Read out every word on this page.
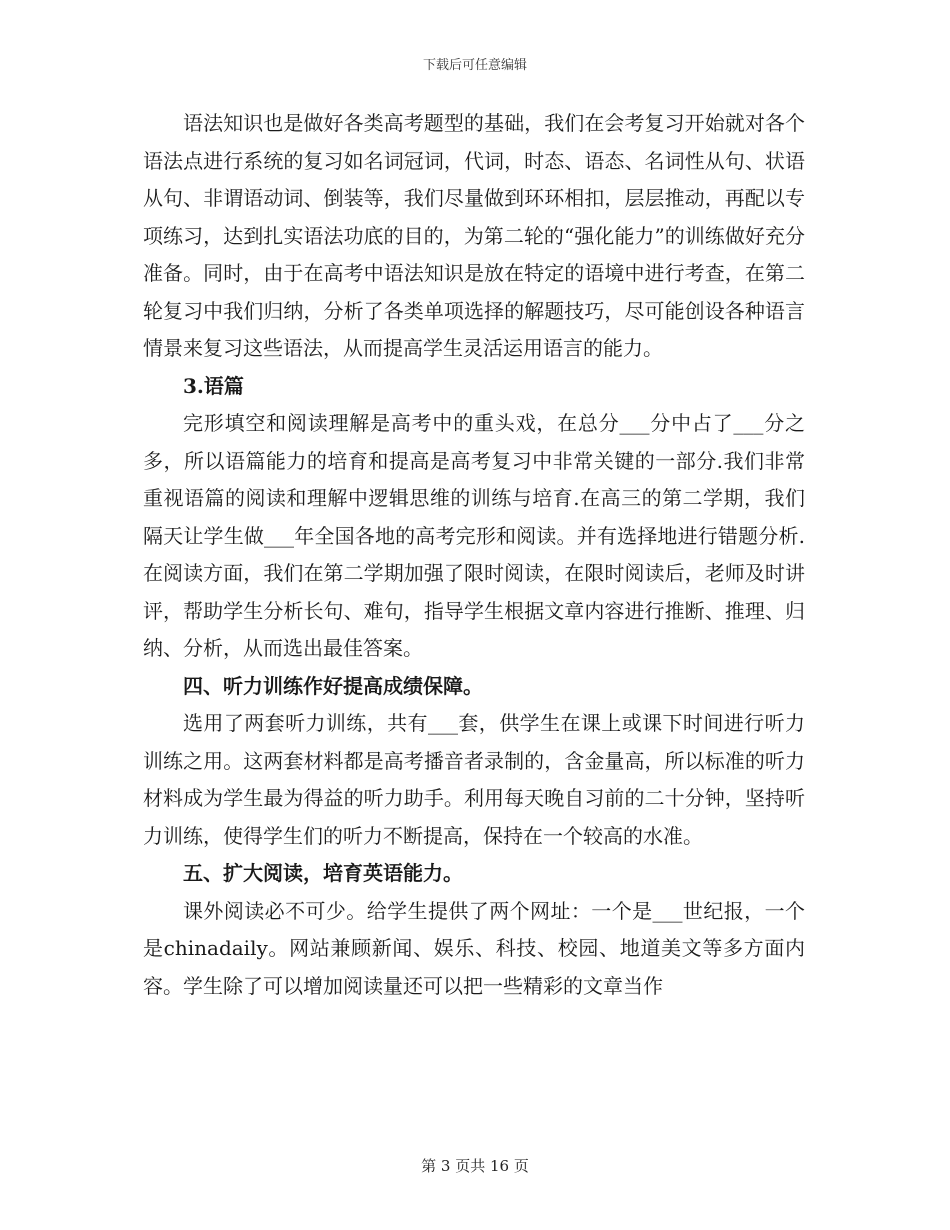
下载后可任意编辑

语法知识也是做好各类高考题型的基础，我们在会考复习开始就对各个语法点进行系统的复习如名词冠词，代词，时态、语态、名词性从句、状语从句、非谓语动词、倒装等，我们尽量做到环环相扣，层层推动，再配以专项练习，达到扎实语法功底的目的，为第二轮的“强化能力”的训练做好充分准备。同时，由于在高考中语法知识是放在特定的语境中进行考查，在第二轮复习中我们归纳，分析了各类单项选择的解题技巧，尽可能创设各种语言情景来复习这些语法，从而提高学生灵活运用语言的能力。

3.语篇

完形填空和阅读理解是高考中的重头戏，在总分___分中占了___分之多，所以语篇能力的培育和提高是高考复习中非常关键的一部分.我们非常重视语篇的阅读和理解中逻辑思维的训练与培育.在高三的第二学期，我们隔天让学生做___年全国各地的高考完形和阅读。并有选择地进行错题分析.在阅读方面，我们在第二学期加强了限时阅读，在限时阅读后，老师及时讲评，帮助学生分析长句、难句，指导学生根据文章内容进行推断、推理、归纳、分析，从而选出最佳答案。

四、听力训练作好提高成绩保障。

选用了两套听力训练，共有___套，供学生在课上或课下时间进行听力训练之用。这两套材料都是高考播音者录制的，含金量高，所以标准的听力材料成为学生最为得益的听力助手。利用每天晚自习前的二十分钟，坚持听力训练，使得学生们的听力不断提高，保持在一个较高的水准。

五、扩大阅读，培育英语能力。

课外阅读必不可少。给学生提供了两个网址：一个是___世纪报，一个是chinadaily。网站兼顾新闻、娱乐、科技、校园、地道美文等多方面内容。学生除了可以增加阅读量还可以把一些精彩的文章当作

第 3 页共 16 页
